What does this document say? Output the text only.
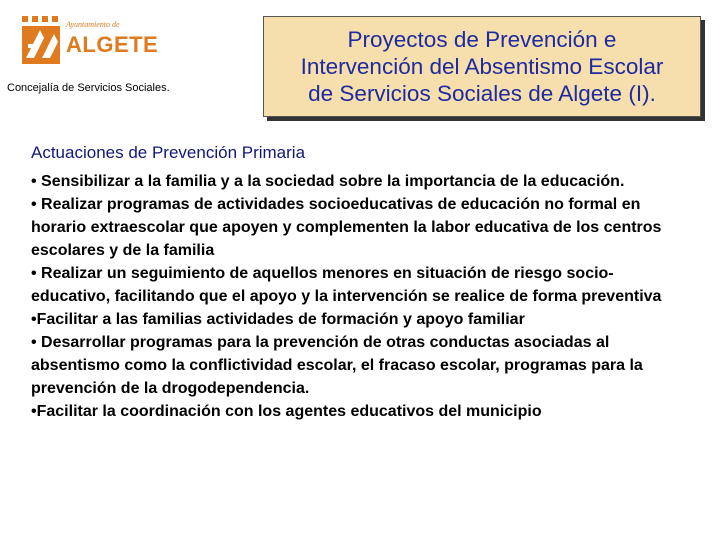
Ayuntamiento de
ALGETE
Concejalía de Servicios Sociales.
Proyectos de Prevención e
Intervención del Absentismo Escolar
de Servicios Sociales de Algete (I).
Actuaciones de Prevención Primaria

• Sensibilizar a la familia y a la sociedad sobre la importancia de la educación.

• Realizar programas de actividades socioeducativas de educación no formal en horario extraescolar que apoyen y complementen la labor educativa de los centros escolares y de la familia

• Realizar un seguimiento de aquellos menores en situación de riesgo socio-educativo, facilitando que el apoyo y la intervención se realice de forma preventiva

•Facilitar a las familias actividades de formación y apoyo familiar

• Desarrollar programas para la prevención de otras conductas asociadas al absentismo como la conflictividad escolar, el fracaso escolar, programas para la prevención de la drogodependencia.

•Facilitar la coordinación con los agentes educativos del municipio
